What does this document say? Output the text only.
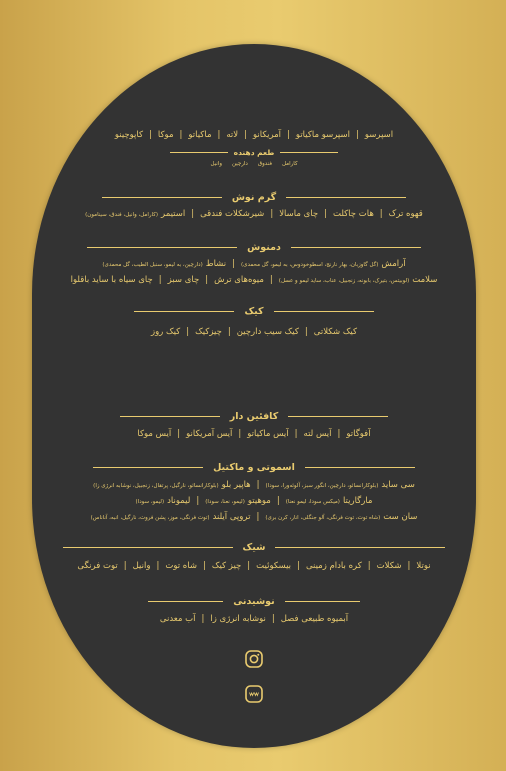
اسپرسو
|
اسپرسو ماکیاتو
|
آمریکانو
|
لاته
|
ماکیاتو
|
موکا
|
کاپوچینو
طعم دهنده
کارامل
فندوق
دارچین
وانیل
گرم نوش
قهوه ترک
|
هات چاکلت
|
چای ماسالا
|
شیرشکلات فندقی
|
استیمر
(کارامل، وانیل، فندق، سینامون)
دمنوش
آرامش
(گل گاوزبان، بهار نارنج، اسطوخودوس، به لیمو، گل محمدی)
|
نشاط
(دارچین، به لیمو، سنبل الطیب، گل محمدی)
سلامت
(لوبیتس، بتیرک، بابونه، زنجبیل، عناب، ساید لیمو و عسل)
|
میوه‌های ترش
|
چای سبز
|
چای سیاه با ساید باقلوا
کیک
کیک شکلاتی
|
کیک سیب دارچین
|
چیزکیک
|
کیک روز
کافئین دار
آفوگاتو
|
آیس لته
|
آیس ماکیاتو
|
آیس آمریکانو
|
آیس موکا
اسموتی و ماکتیل
سی ساید
(بلوکارانسائو، دارچین، انگور سبز، آلوئه‌ورا، سودا)
|
هاپیر بلو
(بلوکارانسائو، نارگیل، پرتقال، زنجبیل، نوشابه انرژی زا)
مارگاریتا
(میکس سودا، لیمو نعنا)
|
موهیتو
(لیمو، نعنا، سودا)
|
لیموناد
(لیمو، سودا)
سان ست
(شاه توت، توت فرنگی، آلو جنگلی، انار، کرن بری)
|
تروپی آیلند
(توت فرنگی، موز، پشن فروت، نارگیل، انبه، آناناس)
شیک
نوتلا
|
شکلات
|
کره بادام زمینی
|
بیسکوئیت
|
چیز کیک
|
شاه توت
|
وانیل
|
توت فرنگی
نوشیدنی
آبمیوه طبیعی فصل
|
نوشابه انرژی زا
|
آب معدنی
